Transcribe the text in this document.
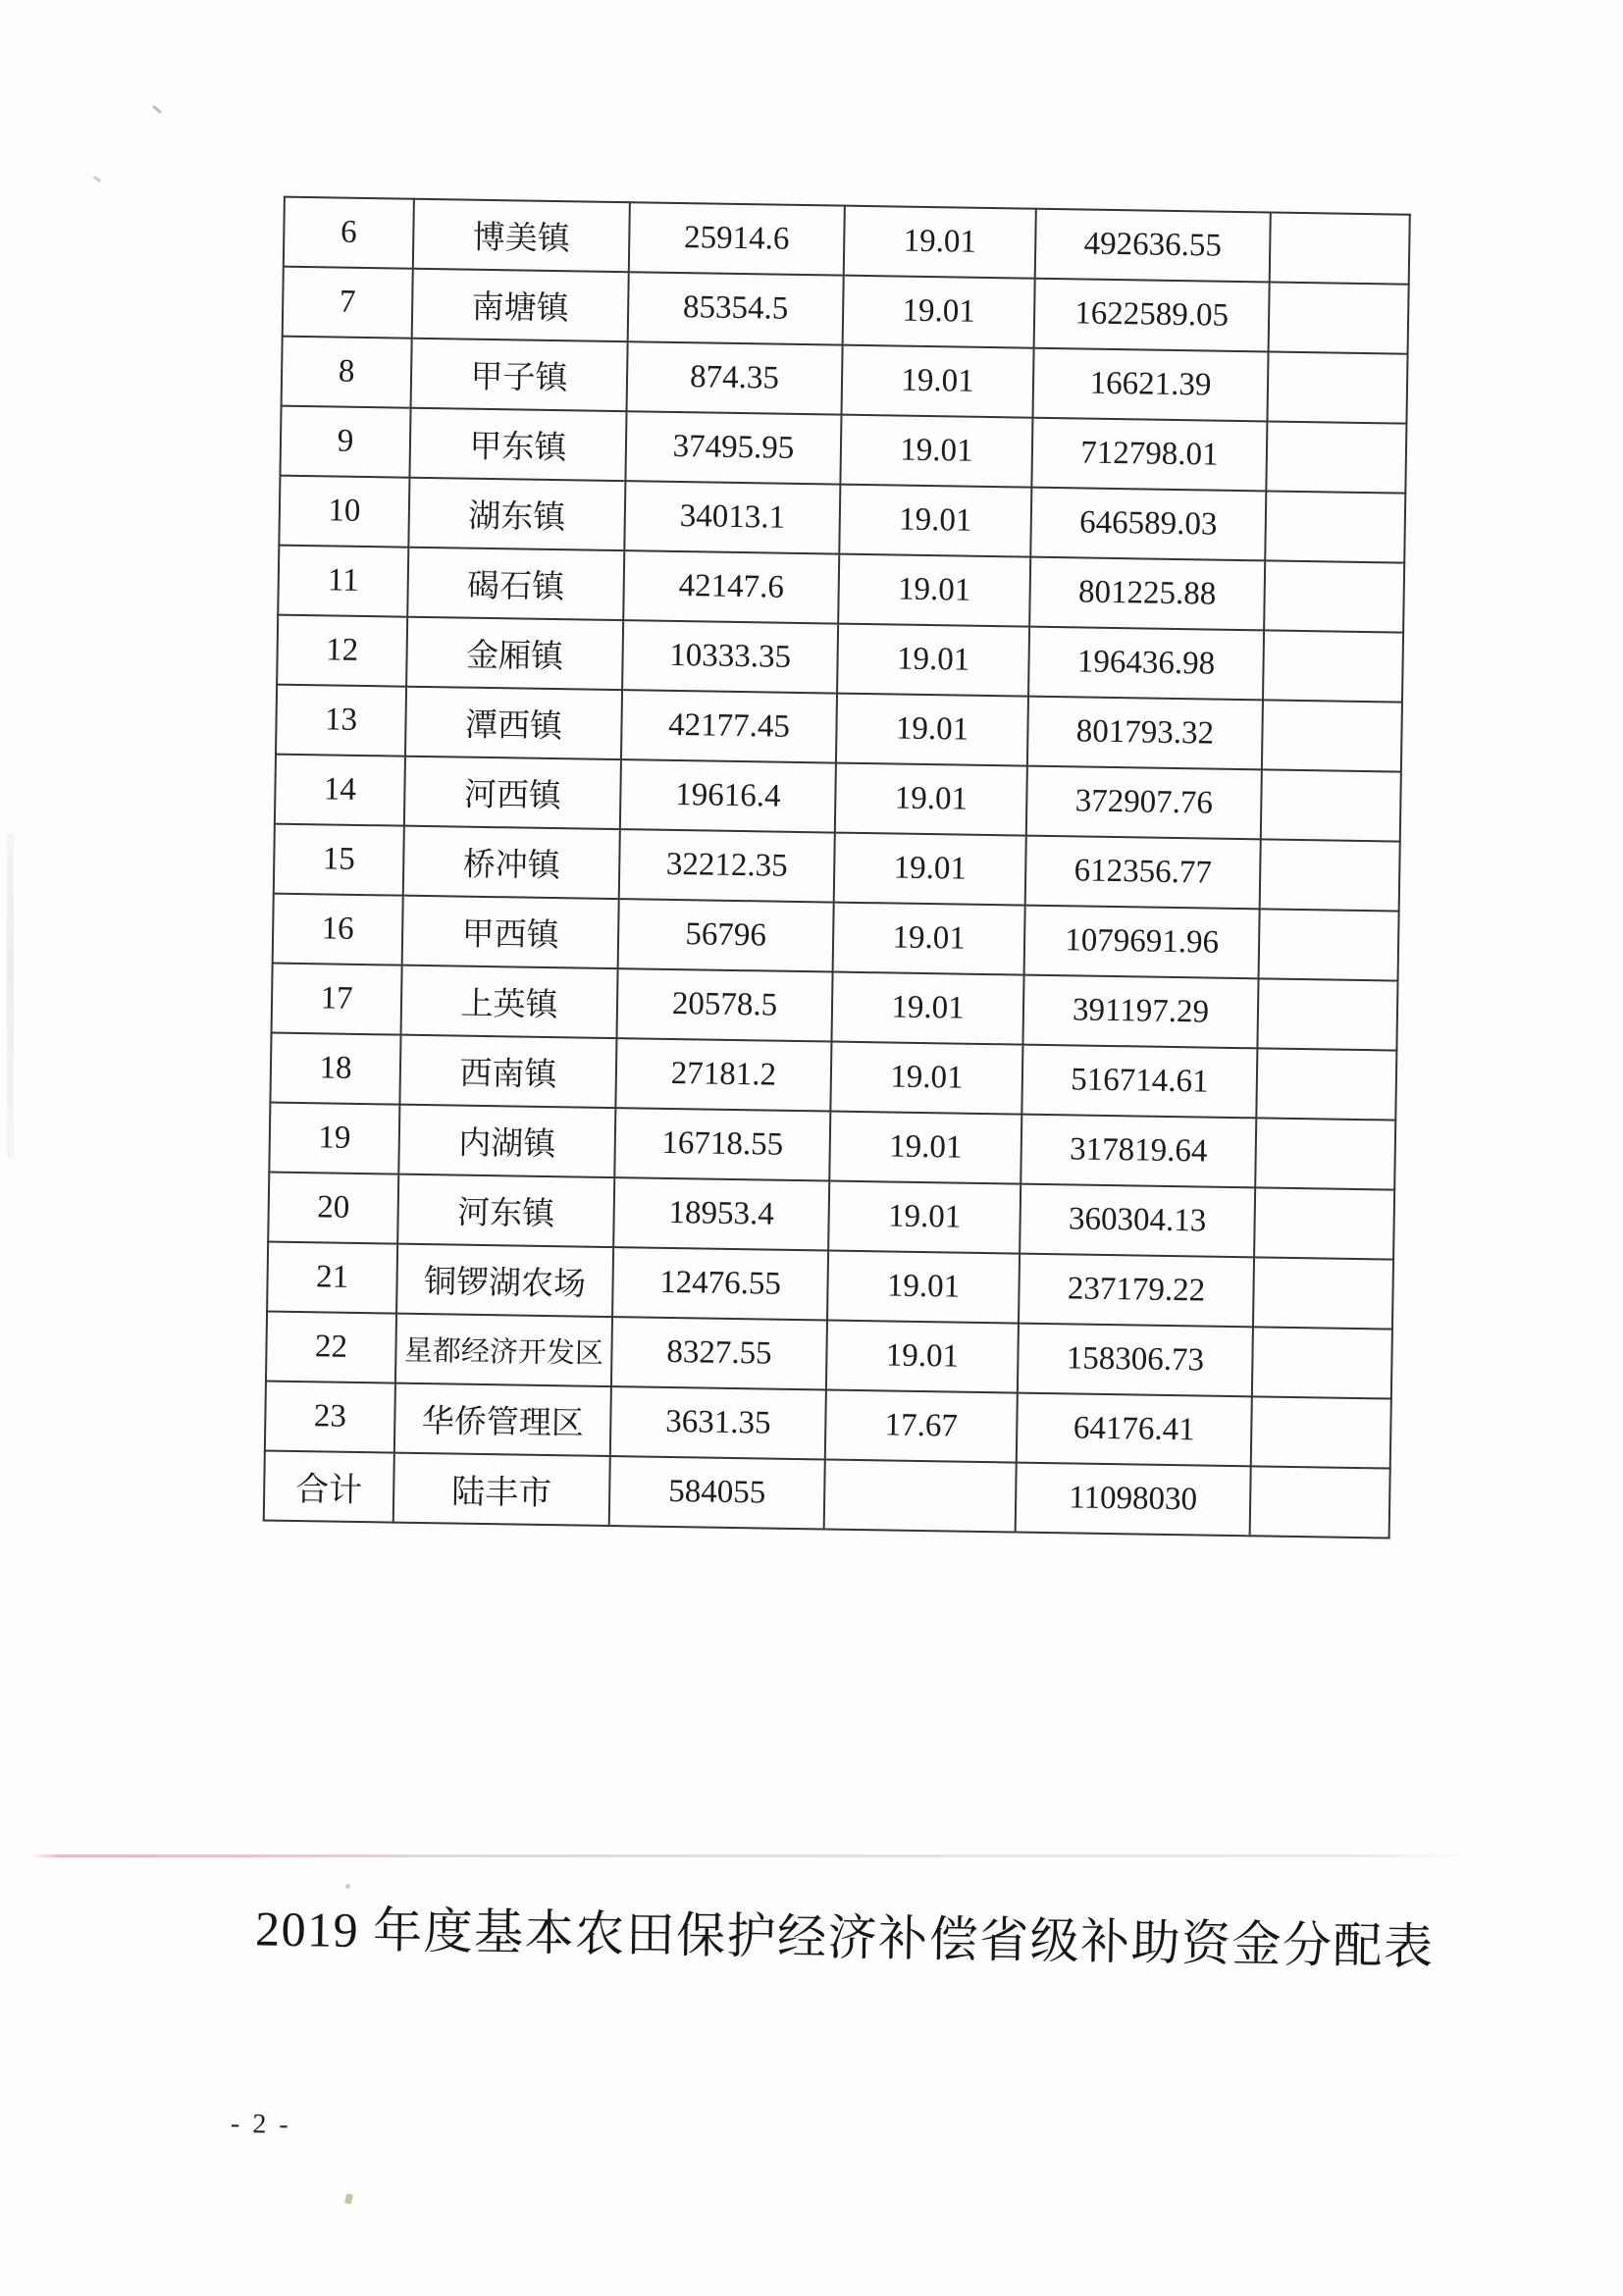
6	博美镇	25914.6	19.01	492636.55	
7	南塘镇	85354.5	19.01	1622589.05	
8	甲子镇	874.35	19.01	16621.39	
9	甲东镇	37495.95	19.01	712798.01	
10	湖东镇	34013.1	19.01	646589.03	
11	碣石镇	42147.6	19.01	801225.88	
12	金厢镇	10333.35	19.01	196436.98	
13	潭西镇	42177.45	19.01	801793.32	
14	河西镇	19616.4	19.01	372907.76	
15	桥冲镇	32212.35	19.01	612356.77	
16	甲西镇	56796	19.01	1079691.96	
17	上英镇	20578.5	19.01	391197.29	
18	西南镇	27181.2	19.01	516714.61	
19	内湖镇	16718.55	19.01	317819.64	
20	河东镇	18953.4	19.01	360304.13	
21	铜锣湖农场	12476.55	19.01	237179.22	
22	星都经济开发区	8327.55	19.01	158306.73	
23	华侨管理区	3631.35	17.67	64176.41	
合计	陆丰市	584055		11098030	
2019 年度基本农田保护经济补偿省级补助资金分配表
- 2 -
